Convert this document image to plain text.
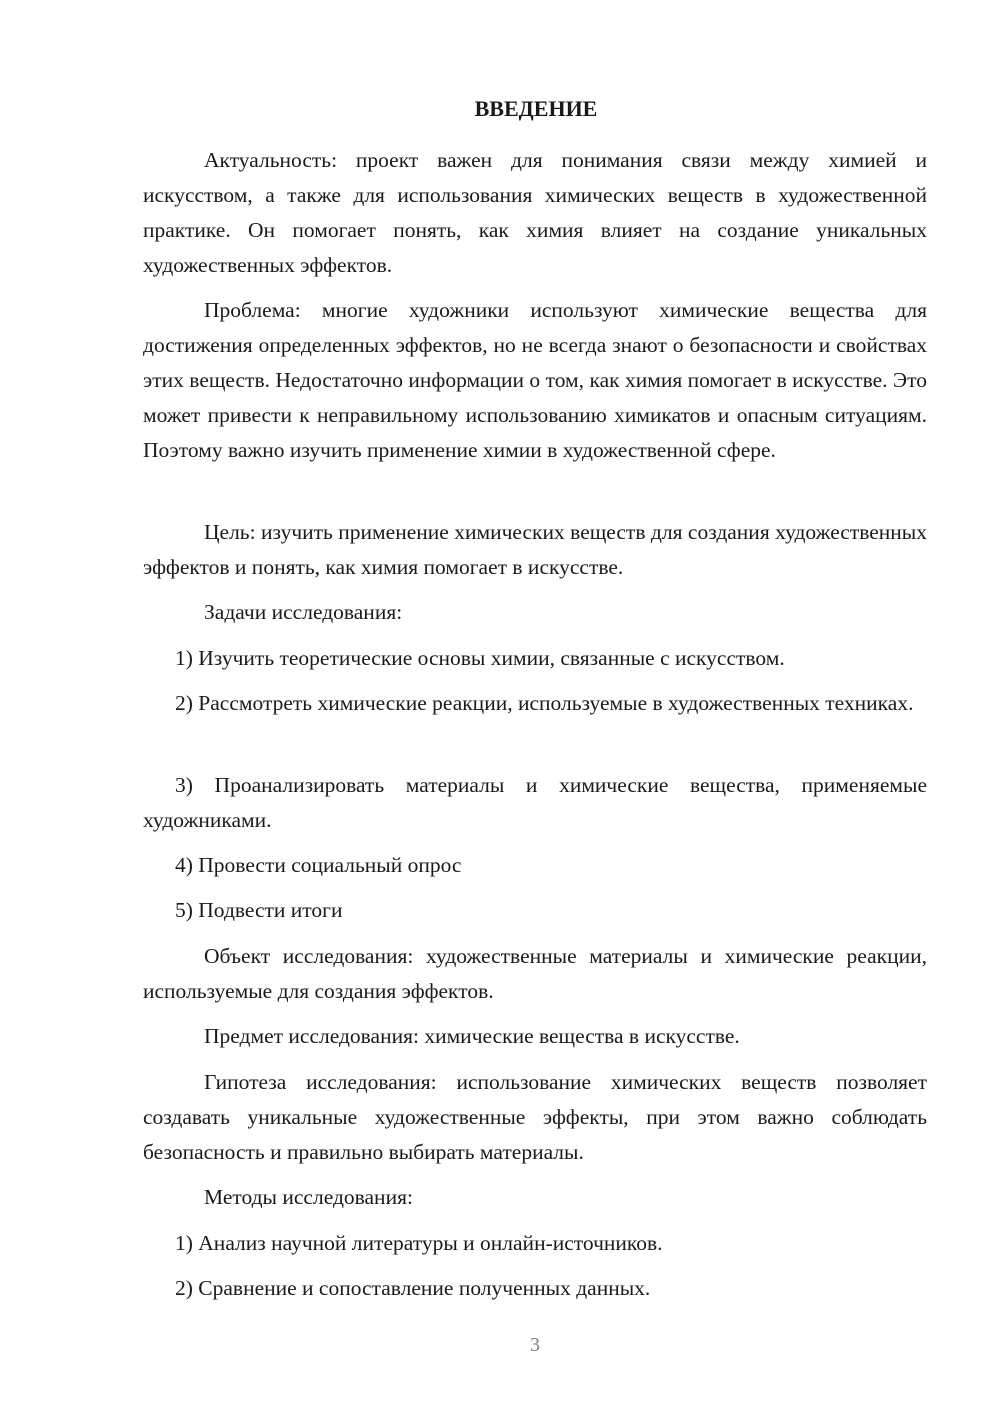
ВВЕДЕНИЕ
Актуальность: проект важен для понимания связи между химией и искусством, а также для использования химических веществ в художественной практике. Он помогает понять, как химия влияет на создание уникальных художественных эффектов.
Проблема: многие художники используют химические вещества для достижения определенных эффектов, но не всегда знают о безопасности и свойствах этих веществ. Недостаточно информации о том, как химия помогает в искусстве. Это может привести к неправильному использованию химикатов и опасным ситуациям. Поэтому важно изучить применение химии в художественной сфере.
Цель: изучить применение химических веществ для создания художественных эффектов и понять, как химия помогает в искусстве.
Задачи исследования:
1) Изучить теоретические основы химии, связанные с искусством.
2) Рассмотреть химические реакции, используемые в художественных техниках.
3) Проанализировать материалы и химические вещества, применяемые художниками.
4) Провести социальный опрос
5) Подвести итоги
Объект исследования: художественные материалы и химические реакции, используемые для создания эффектов.
Предмет исследования: химические вещества в искусстве.
Гипотеза исследования: использование химических веществ позволяет создавать уникальные художественные эффекты, при этом важно соблюдать безопасность и правильно выбирать материалы.
Методы исследования:
1) Анализ научной литературы и онлайн-источников.
2) Сравнение и сопоставление полученных данных.
3
